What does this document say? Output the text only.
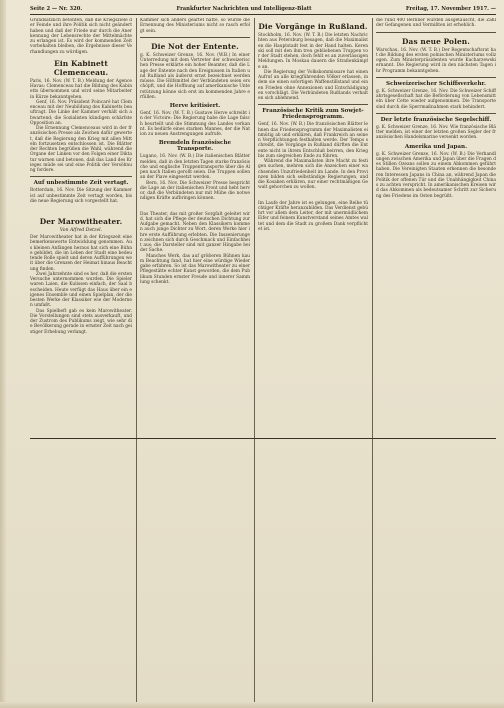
Seite 2 — Nr. 320.	Frankfurter Nachrichten und Intelligenz-Blatt	Freitag, 17. November 1917. —

Grundsätzlich betonten, daß die Kriegsziele der Feinde und ihre Politik sich nicht geändert haben und daß der Friede nur durch die Anerkennung der Lebensrechte der Mittelmächte zu erlangen ist. Es wird der kommenden Zeit vorbehalten bleiben, die Ergebnisse dieser Verhandlungen zu würdigen.

Ein Kabinett Clemenceau.

Paris, 16. Nov. (W. T. B.) Meldung der Agence Havas: Clemenceau hat die Bildung des Kabinetts übernommen und wird seine Mitarbeiter in Kürze bekanntgeben.

Genf, 16. Nov. Präsident Poincaré hat Clemenceau mit der Neubildung des Kabinetts beauftragt. Die Linke der Kammer verhält sich abwartend; die Sozialisten kündigen schärfste Opposition an.

Die Ernennung Clemenceaus wird in der französischen Presse als Zeichen dafür gewertet, daß die Regierung den Krieg mit allen Mitteln fortzusetzen entschlossen ist. Die Blätter der Rechten begrüßen die Wahl, während die Organe der Linken vor den Folgen einer Diktatur warnen und betonen, daß das Land des Krieges müde sei und eine Politik der Versöhnung fordere.

Auf unbestimmte Zeit vertagt.

Rotterdam, 16. Nov. Die Sitzung der Kammer ist auf unbestimmte Zeit vertagt worden, bis die neue Regierung sich vorgestellt hat.

Der Marowitheater.
Von Alfred Detzel.

Der Marowitheater hat in der Kriegszeit eine bemerkenswerte Entwicklung genommen. Aus kleinen Anfängen heraus hat sich eine Bühne gebildet, die im Leben der Stadt eine bedeutende Rolle spielt und deren Aufführungen weit über die Grenzen der Heimat hinaus Beachtung finden.

Zwei Jahrzehnte sind es her, daß die ersten Versuche unternommen wurden. Die Spieler waren Laien, die Kulissen einfach, der Saal bescheiden. Heute verfügt das Haus über ein eigenes Ensemble und einen Spielplan, der die besten Werke der Klassiker wie der Modernen umfaßt.

Das Spielheft gab es kein Marowitheater. Die Vorstellungen sind stets ausverkauft, und der Zustrom des Publikums zeigt, wie sehr die Bevölkerung gerade in ernster Zeit nach geistiger Erhebung verlangt.

Kammer sich anders geartet hätte, so würde die Ernennung des Ministeriums nicht so rasch erfolgt sein.

Die Not der Entente.

g. K. Schweizer Grenze, 16. Nov. (W.B.) In einer Unterredung mit dem Vertreter der schweizerischen Presse erklärte ein hoher Beamter, daß die Lage der Entente nach den Ereignissen in Italien und Rußland als äußerst ernst bezeichnet werden müsse. Die Hilfsmittel der Verbündeten seien erschöpft, und die Hoffnung auf amerikanische Unterstützung könne sich erst im kommenden Jahre erfüllen.

Herve kritisiert.

Genf, 16. Nov. (W. T. B.) Gustave Herve schreibt in der Victoire: Die Regierung habe die Lage falsch beurteilt und die Stimmung des Landes verkannt. Es bedürfe eines starken Mannes, der die Nation zu neuen Anstrengungen aufrufe.

Bremdeln französische Transporte.

Lugano, 16. Nov. (W. B.) Die italienischen Blätter melden, daß in den letzten Tagen starke französische und englische Truppentransporte über die Alpen nach Italien gerollt seien. Die Truppen sollen an der Piave eingesetzt werden.

Bern, 16. Nov. Die Schweizer Presse bespricht die Lage an der italienischen Front und hebt hervor, daß die Verbündeten nur mit Mühe die notwendigen Kräfte aufbringen können.

Das Theater, das mit großer Sorgfalt geleitet wird, hat sich die Pflege der deutschen Dichtung zur Aufgabe gemacht. Neben den Klassikern kommen auch junge Dichter zu Wort, deren Werke hier ihre erste Aufführung erlebten. Die Inszenierungen zeichnen sich durch Geschmack und Einfachheit aus; die Darsteller sind mit ganzer Hingabe bei der Sache.

Manches Werk, das auf größeren Bühnen kaum Beachtung fand, hat hier eine würdige Wiedergabe erfahren. So ist das Marowitheater zu einer Pflegestätte echter Kunst geworden, die dem Publikum Stunden ernster Freude und innerer Sammlung schenkt.

Die Vorgänge in Rußland.

Stockholm, 16. Nov. (W. T. B.) Die letzten Nachrichten aus Petersburg besagen, daß die Maximalisten die Hauptstadt fest in der Hand halten. Kerenski soll mit den ihm treu gebliebenen Truppen vor der Stadt stehen, doch fehlt es an zuverlässigen Meldungen. In Moskau dauern die Straßenkämpfe an.

Die Regierung der Volkskommissare hat einen Aufruf an alle kriegführenden Völker erlassen, in dem sie einen sofortigen Waffenstillstand und einen Frieden ohne Annexionen und Entschädigungen vorschlägt. Die Verbündeten Rußlands verhalten sich ablehnend.

Französische Kritik zum Sowjet-Friedensprogramm.

Genf, 16. Nov. (W. B.) Die französischen Blätter lehnen das Friedensprogramm der Maximalisten einmütig ab und erklären, daß Frankreich an seinen Verpflichtungen festhalten werde. Der Temps schreibt, die Vorgänge in Rußland dürften die Entente nicht in ihrem Entschluß beirren, den Krieg bis zum siegreichen Ende zu führen.

Während die Maximalisten ihre Macht zu festigen suchen, mehren sich die Anzeichen einer wachsenden Unzufriedenheit im Lande. In den Provinzen bilden sich selbständige Regierungen, und die Kosaken erklären, nur einer rechtmäßigen Gewalt gehorchen zu wollen.

Im Laufe der Jahre ist es gelungen, eine Reihe tüchtiger Kräfte heranzubilden. Das Verdienst gebührt vor allem dem Leiter, der mit unermüdlichem Eifer und feinem Kunstverstand seines Amtes waltet und dem die Stadt zu großem Dank verpflichtet ist.

die rund 400 Berliner wurden ausgetauscht, die Zahl der Gefangenen und Vermißten ist erheblich.

Das neue Polen.

Warschau, 16. Nov. (W. T. B.) Der Regentschaftsrat hat die Bildung des ersten polnischen Ministeriums vollzogen. Zum Ministerpräsidenten wurde Kucharzewski ernannt. Die Regierung wird in den nächsten Tagen ihr Programm bekanntgeben.

Schweizerischer Schiffsverkehr.

g. K. Schweizer Grenze, 16. Nov. Die Schweizer Schiffahrtsgesellschaft hat die Beförderung von Lebensmitteln über Cette wieder aufgenommen. Die Transporte sind durch die Sperrmaßnahmen stark behindert.

Der letzte französische Segelschiff.

g. K. Schweizer Grenze, 16. Nov. Wie französische Blätter melden, ist einer der letzten großen Segler der französischen Handelsmarine versenkt worden.

Amerika und Japan.

g. K. Schweizer Grenze, 16. Nov. (W. B.) Die Verhandlungen zwischen Amerika und Japan über die Fragen des Stillen Ozeans sollen zu einem Abkommen geführt haben. Die Vereinigten Staaten erkennen die besonderen Interessen Japans in China an, während Japan die Politik der offenen Tür und die Unabhängigkeit Chinas zu achten verspricht. In amerikanischen Kreisen wird das Abkommen als bedeutsamer Schritt zur Sicherung des Friedens im Osten begrüßt.
